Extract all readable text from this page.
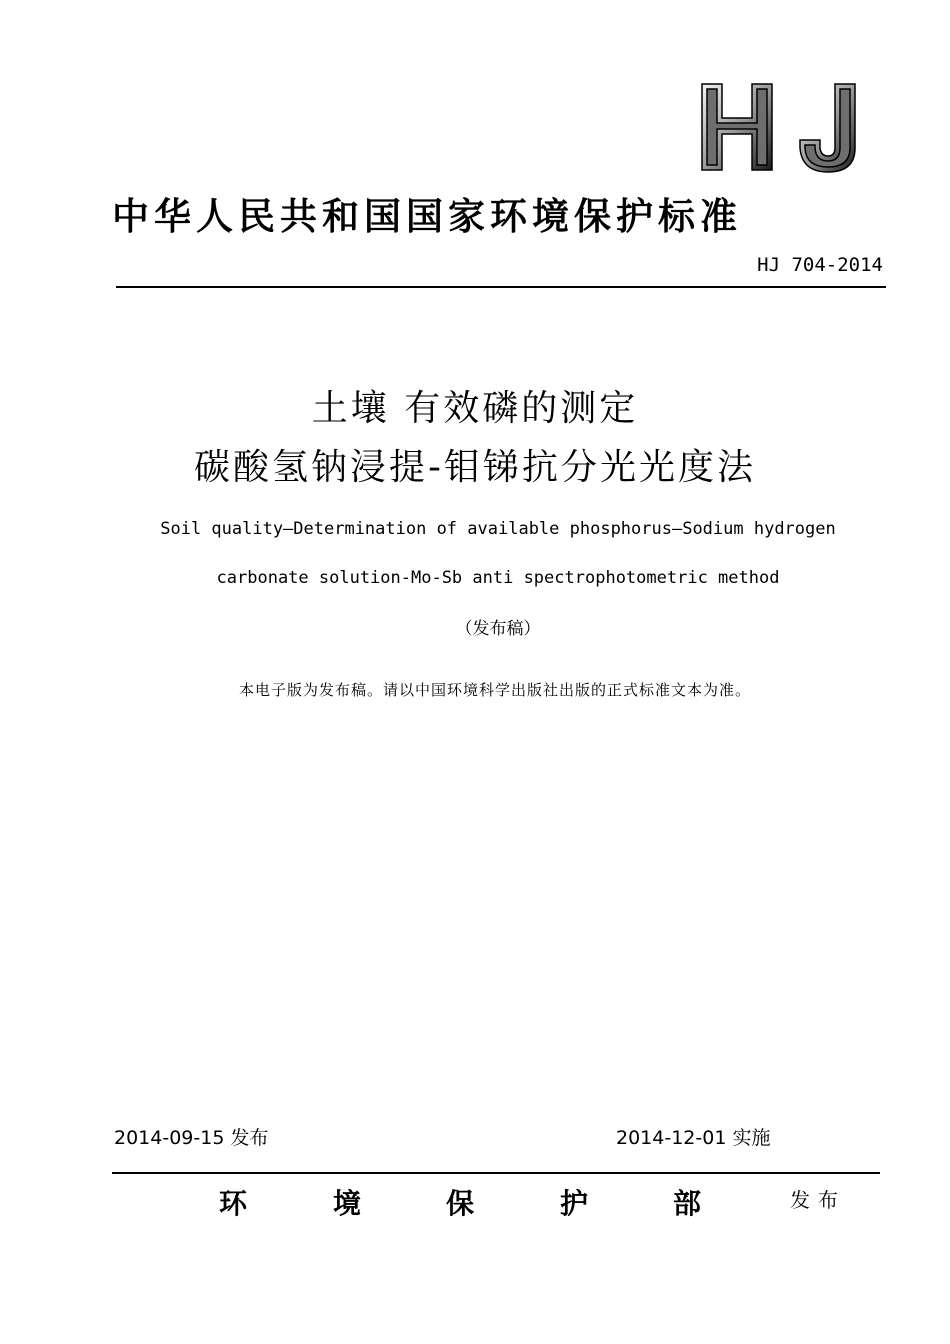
中华人民共和国国家环境保护标准
HJ 704-2014
土壤 有效磷的测定
碳酸氢钠浸提-钼锑抗分光光度法
Soil quality—Determination of available phosphorus—Sodium hydrogen
carbonate solution-Mo-Sb anti spectrophotometric method
（发布稿）
本电子版为发布稿。请以中国环境科学出版社出版的正式标准文本为准。
2014-09-15 发布	2014-12-01 实施
环	境	保	护	部	发布
